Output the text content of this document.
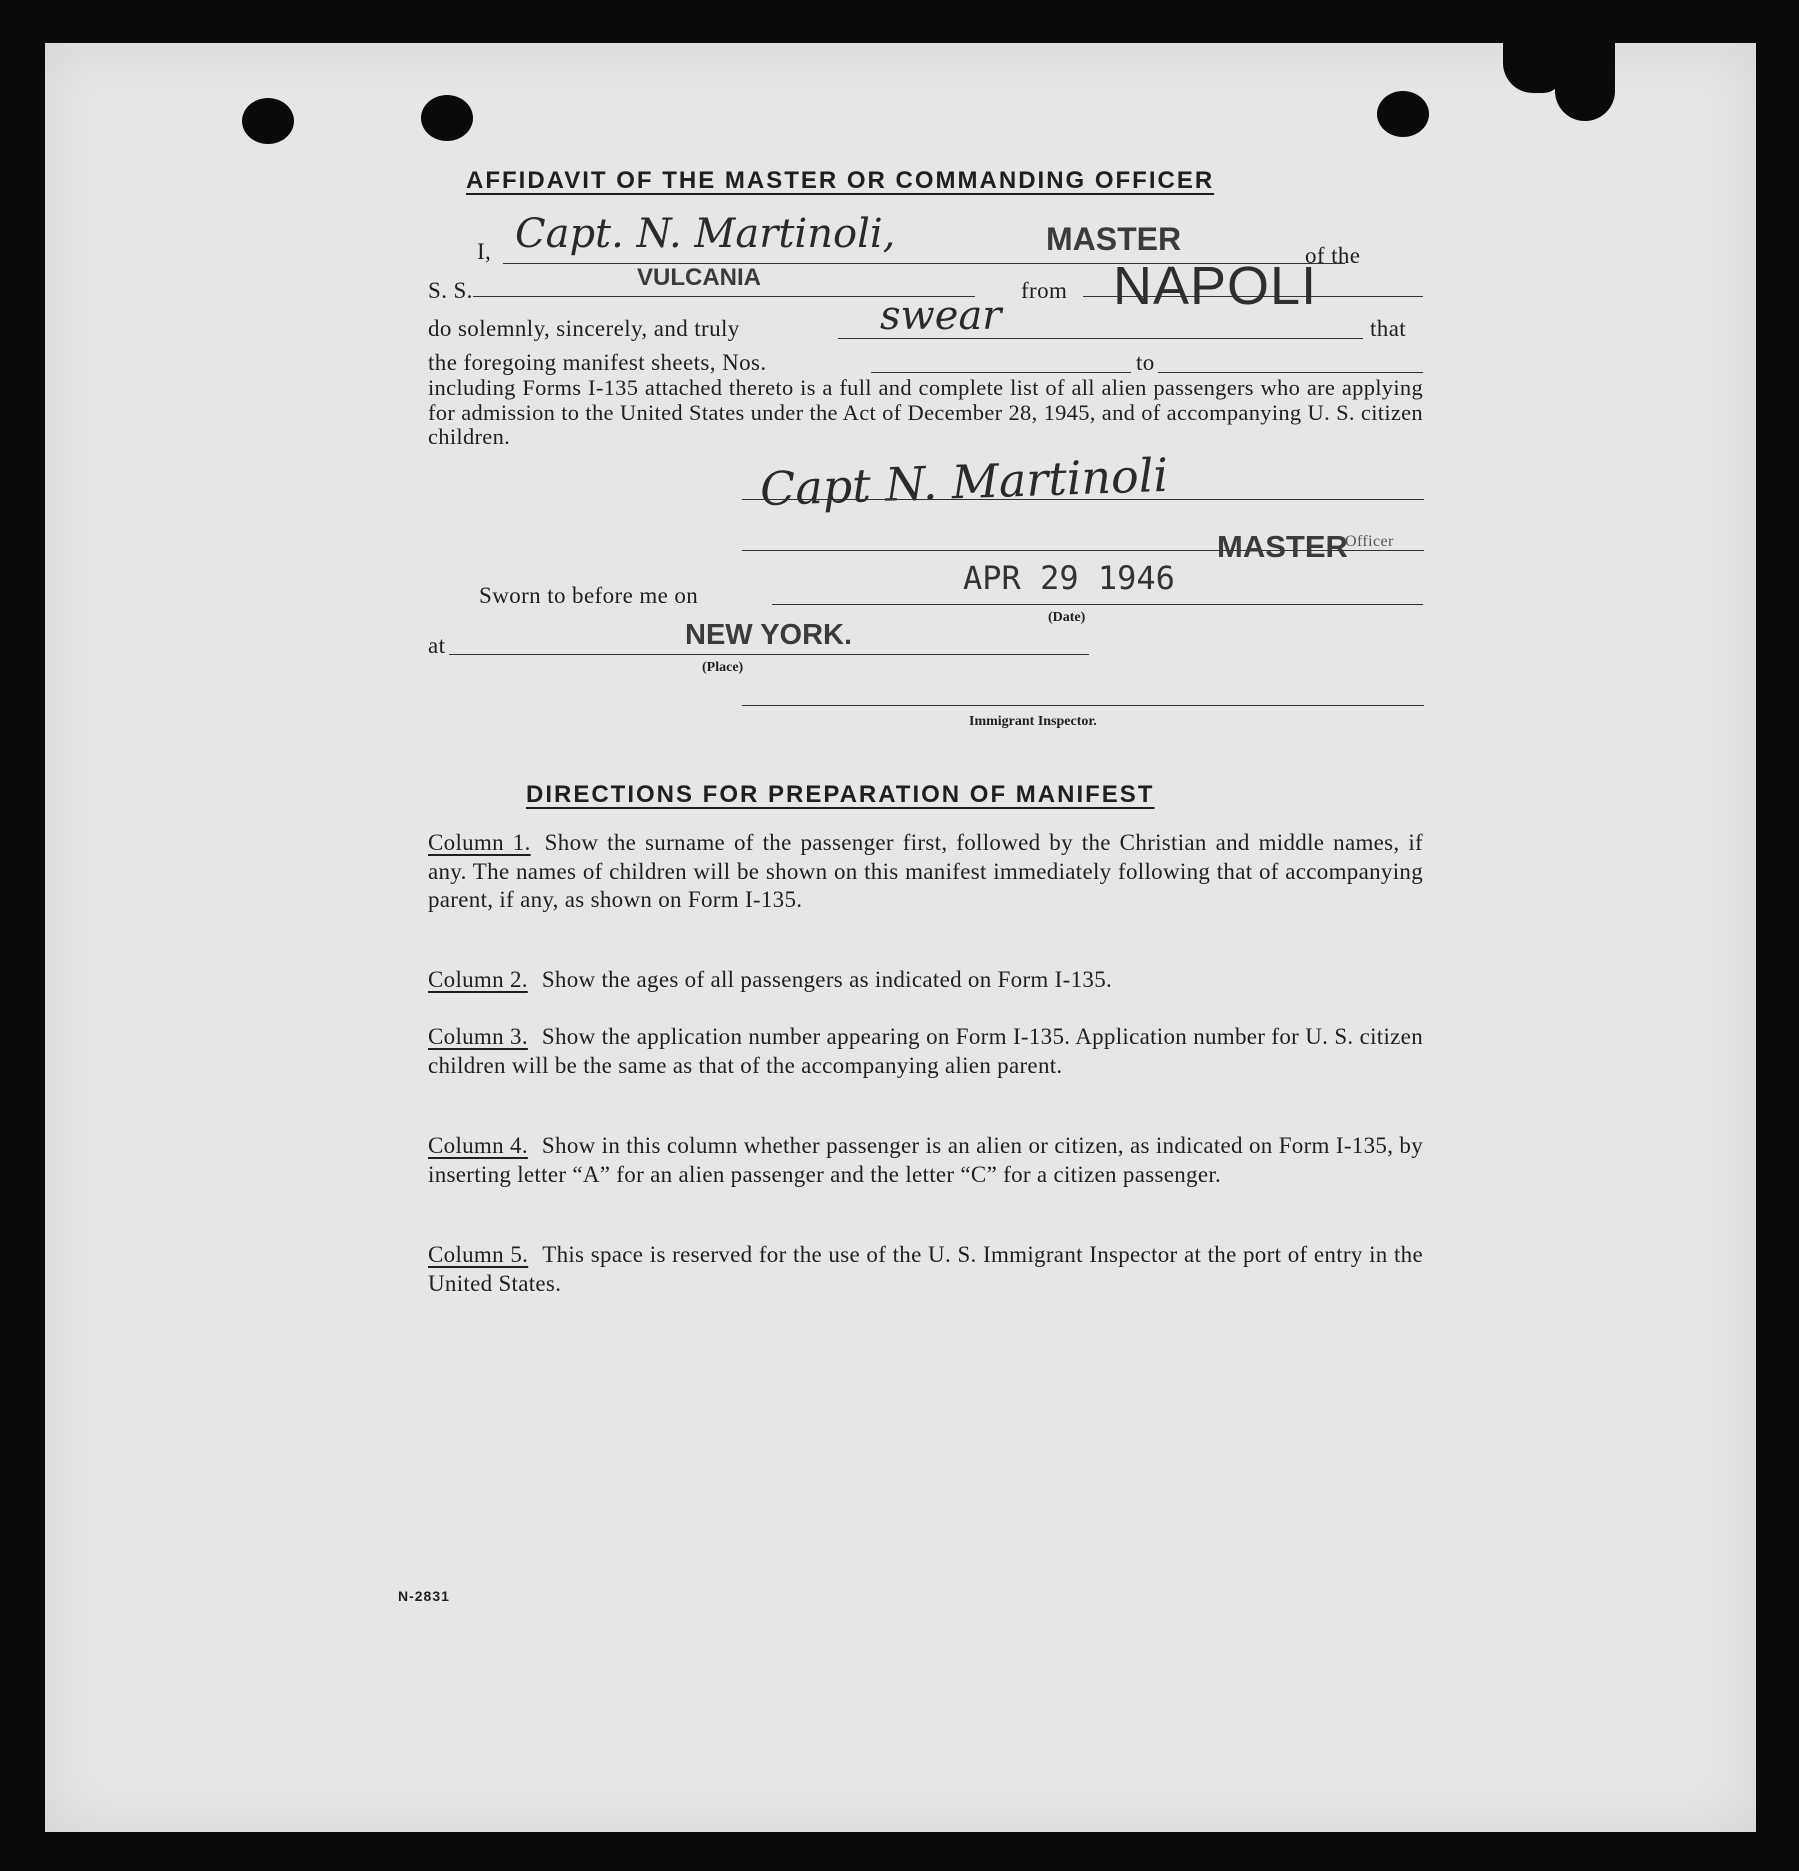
AFFIDAVIT OF THE MASTER OR COMMANDING OFFICER
I, Capt. N. Martinoli,	MASTER	of the
S. S.	VULCANIA	from NAPOLI
do solemnly, sincerely, and truly	swear	that
the foregoing manifest sheets, Nos.	to
including Forms I-135 attached thereto is a full and complete list of all alien passengers who are applying for admission to the United States under the Act of December 28, 1945, and of accompanying U. S. citizen children.
Capt N. Martinoli
MASTER
Officer
Sworn to before me on	APR 29 1946
(Date)
at	NEW YORK.
(Place)
Immigrant Inspector.
DIRECTIONS FOR PREPARATION OF MANIFEST
Column 1. Show the surname of the passenger first, followed by the Christian and middle names, if any. The names of children will be shown on this manifest immediately following that of accompanying parent, if any, as shown on Form I-135.
Column 2. Show the ages of all passengers as indicated on Form I-135.
Column 3. Show the application number appearing on Form I-135. Application number for U. S. citizen children will be the same as that of the accompanying alien parent.
Column 4. Show in this column whether passenger is an alien or citizen, as indicated on Form I-135, by inserting letter “A” for an alien passenger and the letter “C” for a citizen passenger.
Column 5. This space is reserved for the use of the U. S. Immigrant Inspector at the port of entry in the United States.
N-2831
